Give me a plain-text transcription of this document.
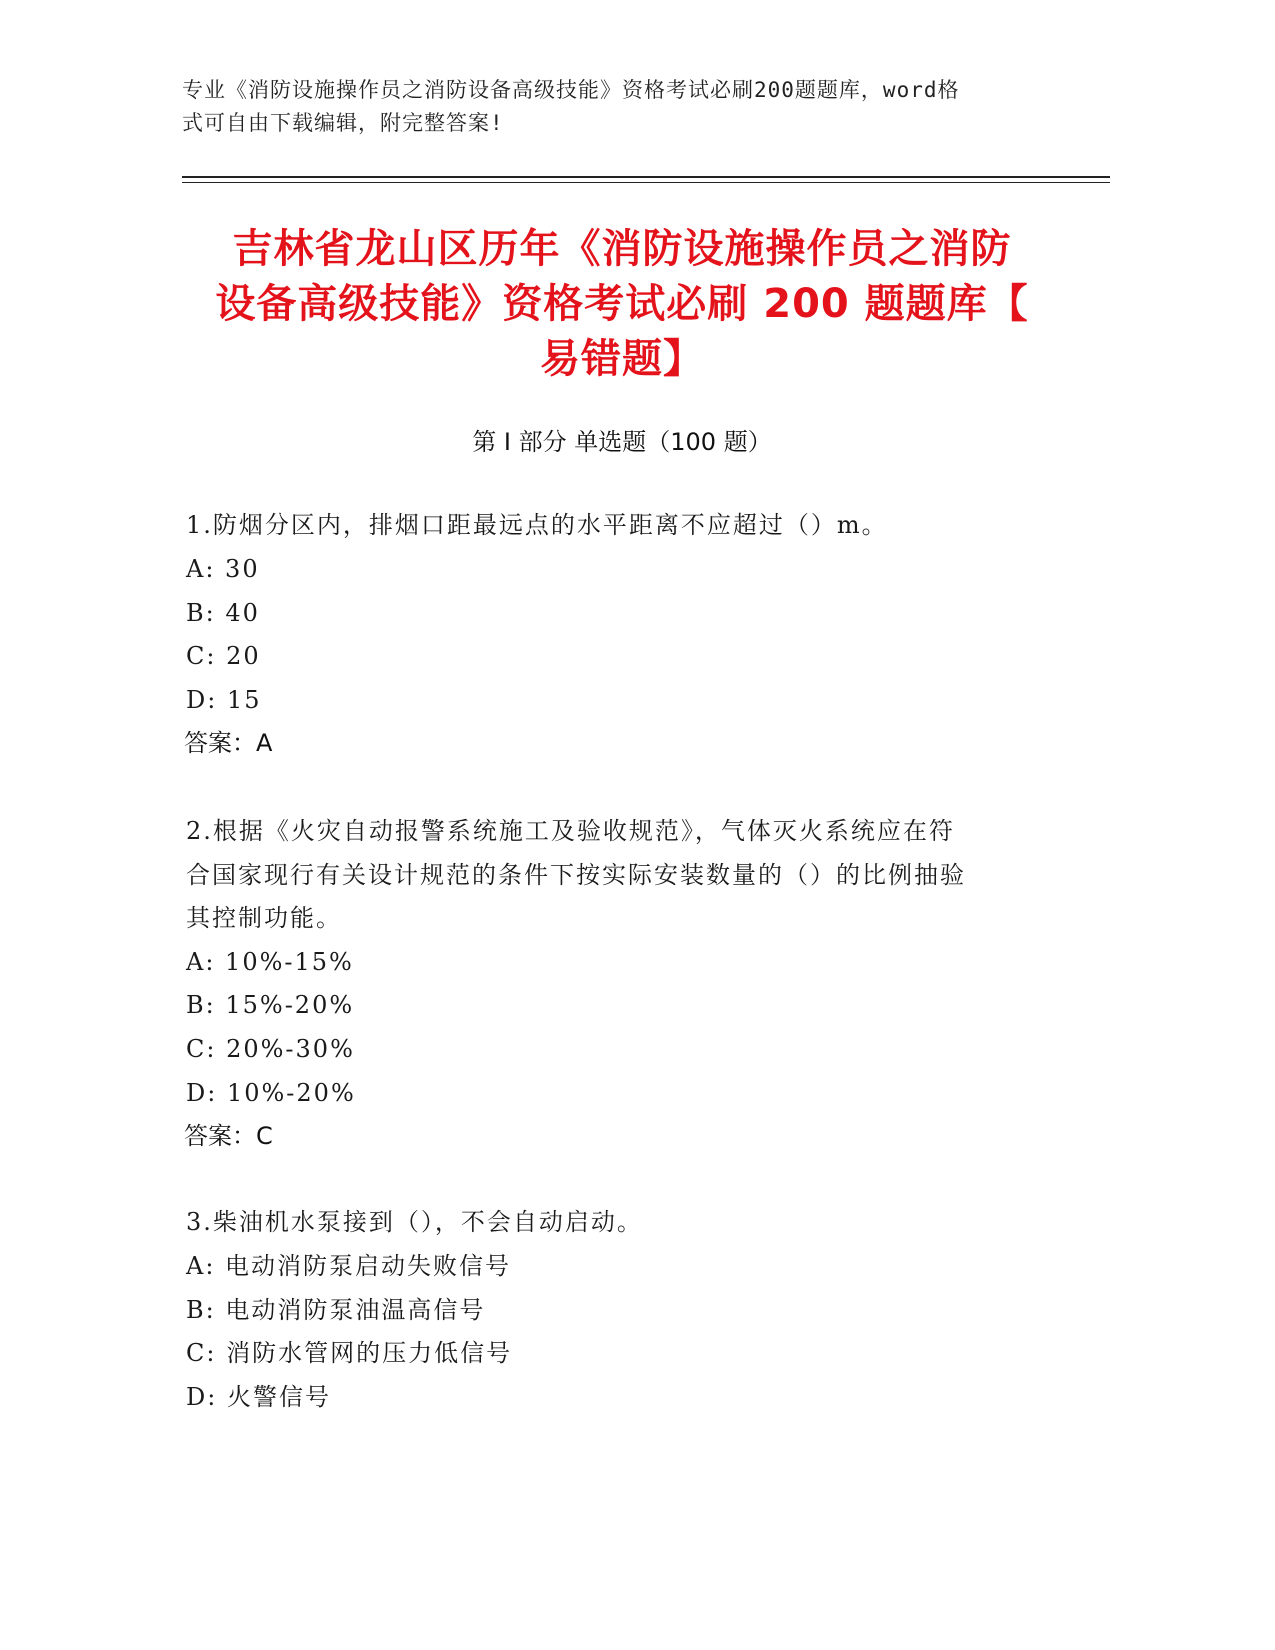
专业《消防设施操作员之消防设备高级技能》资格考试必刷200题题库，word格
式可自由下载编辑，附完整答案!
吉林省龙山区历年《消防设施操作员之消防
设备高级技能》资格考试必刷 200 题题库【
易错题】
第 I 部分 单选题（100 题）
1.防烟分区内，排烟口距最远点的水平距离不应超过（）m。
A: 30
B: 40
C: 20
D: 15
答案：A
2.根据《火灾自动报警系统施工及验收规范》，气体灭火系统应在符
合国家现行有关设计规范的条件下按实际安装数量的（）的比例抽验
其控制功能。
A: 10%-15%
B: 15%-20%
C: 20%-30%
D: 10%-20%
答案：C
3.柴油机水泵接到（），不会自动启动。
A: 电动消防泵启动失败信号
B: 电动消防泵油温高信号
C: 消防水管网的压力低信号
D: 火警信号
